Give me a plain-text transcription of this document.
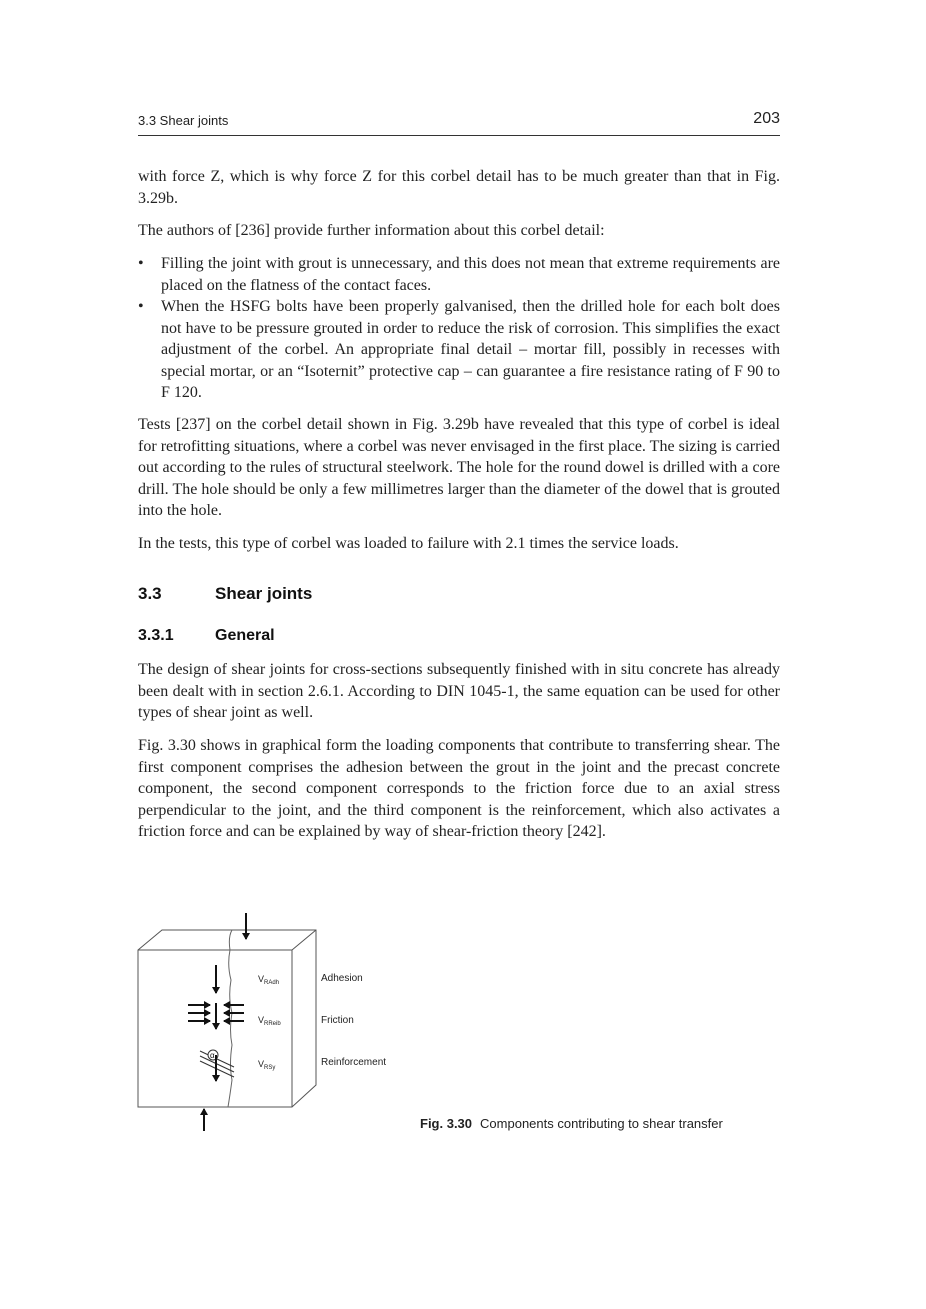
3.3 Shear joints	203

with force Z, which is why force Z for this corbel detail has to be much greater than that in Fig. 3.29b.

The authors of [236] provide further information about this corbel detail:

• Filling the joint with grout is unnecessary, and this does not mean that extreme requirements are placed on the flatness of the contact faces.
• When the HSFG bolts have been properly galvanised, then the drilled hole for each bolt does not have to be pressure grouted in order to reduce the risk of corrosion. This simplifies the exact adjustment of the corbel. An appropriate final detail – mortar fill, possibly in recesses with special mortar, or an “Isoternit” protective cap – can guarantee a fire resistance rating of F 90 to F 120.

Tests [237] on the corbel detail shown in Fig. 3.29b have revealed that this type of corbel is ideal for retrofitting situations, where a corbel was never envisaged in the first place. The sizing is carried out according to the rules of structural steelwork. The hole for the round dowel is drilled with a core drill. The hole should be only a few millimetres larger than the diameter of the dowel that is grouted into the hole.

In the tests, this type of corbel was loaded to failure with 2.1 times the service loads.

3.3	Shear joints
3.3.1	General

The design of shear joints for cross-sections subsequently finished with in situ concrete has already been dealt with in section 2.6.1. According to DIN 1045-1, the same equation can be used for other types of shear joint as well.

Fig. 3.30 shows in graphical form the loading components that contribute to transferring shear. The first component comprises the adhesion between the grout in the joint and the precast concrete component, the second component corresponds to the friction force due to an axial stress perpendicular to the joint, and the third component is the reinforcement, which also activates a friction force and can be explained by way of shear-friction theory [242].

α
$V_{RAdh}$	Adhesion
$V_{RReib}$	Friction
$V_{RSy}$	Reinforcement
Fig. 3.30 Components contributing to shear transfer
